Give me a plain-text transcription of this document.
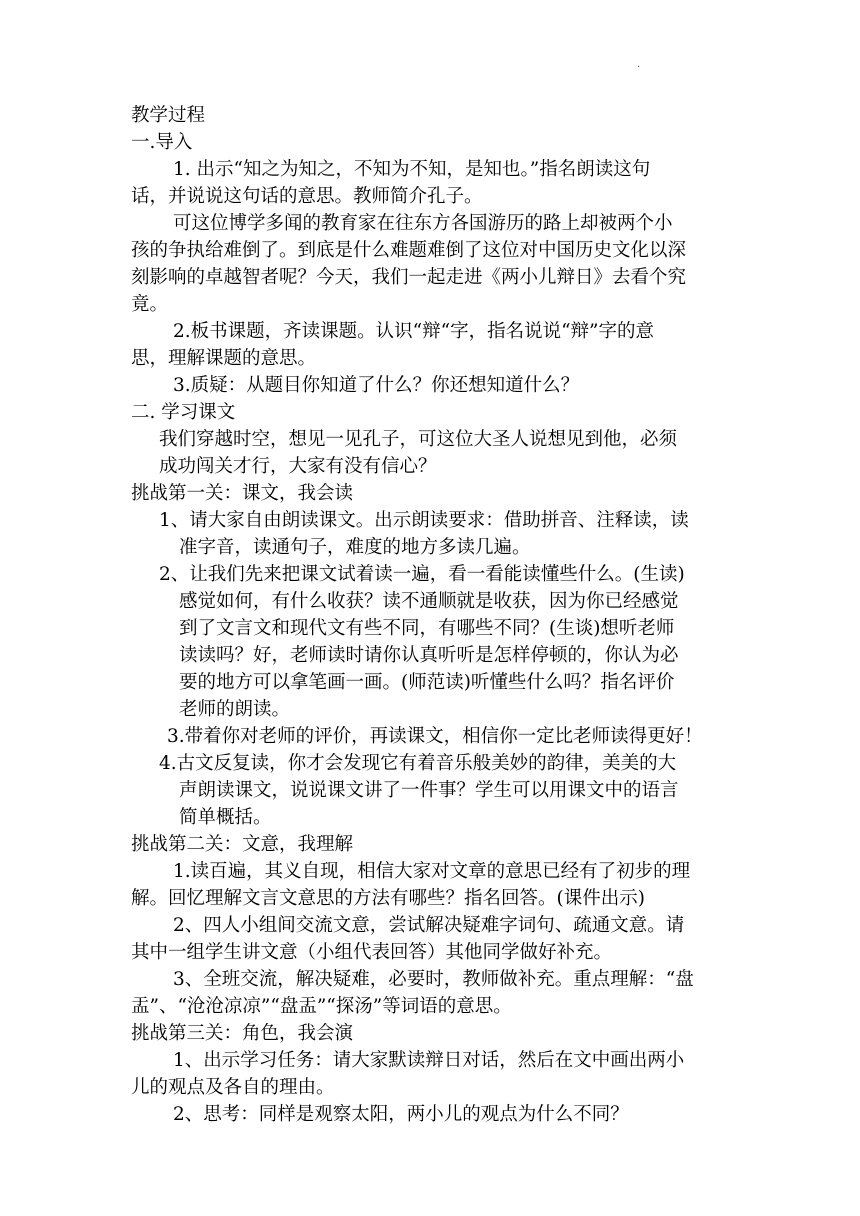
·
教学过程
一.导入
1. 出示“知之为知之，不知为不知，是知也。”指名朗读这句
话，并说说这句话的意思。教师简介孔子。
可这位博学多闻的教育家在往东方各国游历的路上却被两个小
孩的争执给难倒了。到底是什么难题难倒了这位对中国历史文化以深
刻影响的卓越智者呢？今天，我们一起走进《两小儿辩日》去看个究
竟。
2.板书课题，齐读课题。认识“辩“字，指名说说“辩”字的意
思，理解课题的意思。
3.质疑：从题目你知道了什么？你还想知道什么？
二. 学习课文
我们穿越时空，想见一见孔子，可这位大圣人说想见到他，必须
成功闯关才行，大家有没有信心？
挑战第一关：课文，我会读
1、请大家自由朗读课文。出示朗读要求：借助拼音、注释读，读
准字音，读通句子，难度的地方多读几遍。
2、让我们先来把课文试着读一遍，看一看能读懂些什么。(生读)
感觉如何，有什么收获？读不通顺就是收获，因为你已经感觉
到了文言文和现代文有些不同，有哪些不同？(生谈)想听老师
读读吗？好，老师读时请你认真听听是怎样停顿的，你认为必
要的地方可以拿笔画一画。(师范读)听懂些什么吗？指名评价
老师的朗读。
3.带着你对老师的评价，再读课文，相信你一定比老师读得更好！
4.古文反复读，你才会发现它有着音乐般美妙的韵律，美美的大
声朗读课文，说说课文讲了一件事？学生可以用课文中的语言
简单概括。
挑战第二关：文意，我理解
1.读百遍，其义自现，相信大家对文章的意思已经有了初步的理
解。回忆理解文言文意思的方法有哪些？指名回答。(课件出示)
2、四人小组间交流文意，尝试解决疑难字词句、疏通文意。请
其中一组学生讲文意（小组代表回答）其他同学做好补充。
3、全班交流，解决疑难，必要时，教师做补充。重点理解：“盘
盂”、“沧沧凉凉”“盘盂”“探汤”等词语的意思。
挑战第三关：角色，我会演
1、出示学习任务：请大家默读辩日对话，然后在文中画出两小
儿的观点及各自的理由。
2、思考：同样是观察太阳，两小儿的观点为什么不同？
